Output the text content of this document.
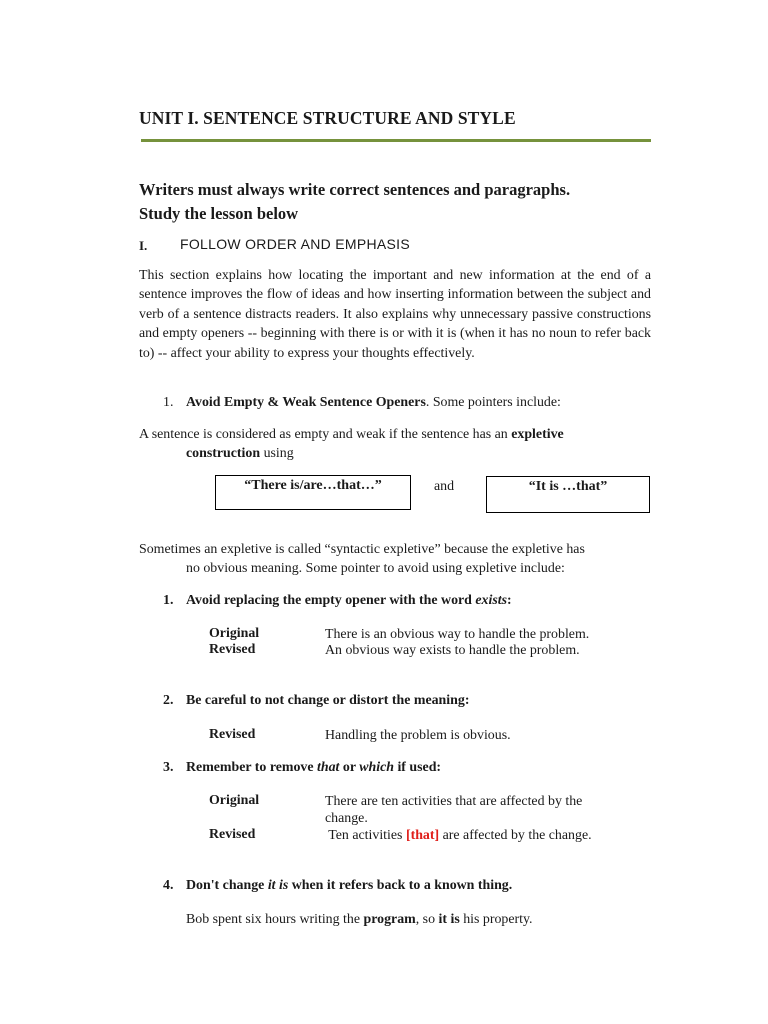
UNIT I. SENTENCE STRUCTURE AND STYLE
Writers must always write correct sentences and paragraphs.
Study the lesson below
I. FOLLOW ORDER AND EMPHASIS
This section explains how locating the important and new information at the end of a sentence improves the flow of ideas and how inserting information between the subject and verb of a sentence distracts readers. It also explains why unnecessary passive constructions and empty openers -- beginning with there is or with it is (when it has no noun to refer back to) -- affect your ability to express your thoughts effectively.
1. Avoid Empty & Weak Sentence Openers. Some pointers include:
A sentence is considered as empty and weak if the sentence has an expletive
construction using
“There is/are…that…”	and	“It is …that”
Sometimes an expletive is called “syntactic expletive” because the expletive has
no obvious meaning. Some pointer to avoid using expletive include:
1. Avoid replacing the empty opener with the word exists:
Original	There is an obvious way to handle the problem.
Revised	An obvious way exists to handle the problem.
2. Be careful to not change or distort the meaning:
Revised	Handling the problem is obvious.
3. Remember to remove that or which if used:
Original	There are ten activities that are affected by the change.
Revised	Ten activities [that] are affected by the change.
4. Don't change it is when it refers back to a known thing.
Bob spent six hours writing the program, so it is his property.
